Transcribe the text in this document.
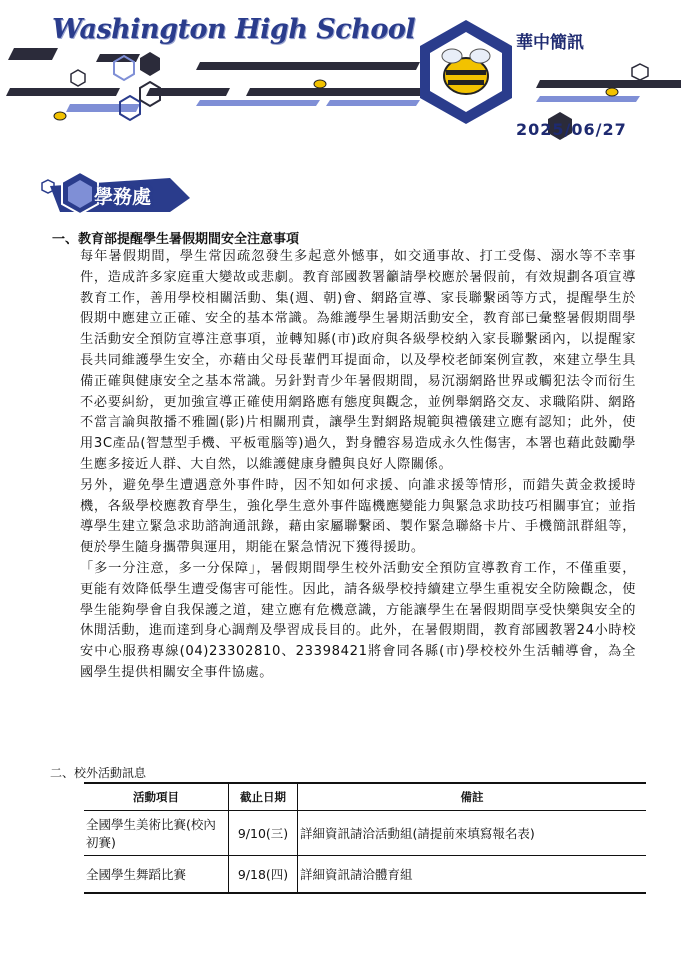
Washington High School	華中簡訊
2025/06/27
學務處
一、教育部提醒學生暑假期間安全注意事項

每年暑假期間，學生常因疏忽發生多起意外憾事，如交通事故、打工受傷、溺水等不幸事件，造成許多家庭重大變故或悲劇。教育部國教署籲請學校應於暑假前，有效規劃各項宣導教育工作，善用學校相關活動、集(週、朝)會、網路宣導、家長聯繫函等方式，提醒學生於假期中應建立正確、安全的基本常識。為維護學生暑期活動安全，教育部已彙整暑假期間學生活動安全預防宣導注意事項，並轉知縣(市)政府與各級學校納入家長聯繫函內，以提醒家長共同維護學生安全，亦藉由父母長輩們耳提面命，以及學校老師案例宣教，來建立學生具備正確與健康安全之基本常識。另針對青少年暑假期間，易沉溺網路世界或觸犯法令而衍生不必要糾紛，更加強宣導正確使用網路應有態度與觀念，並例舉網路交友、求職陷阱、網路不當言論與散播不雅圖(影)片相關刑責，讓學生對網路規範與禮儀建立應有認知；此外，使用3C產品(智慧型手機、平板電腦等)過久，對身體容易造成永久性傷害，本署也藉此鼓勵學生應多接近人群、大自然，以維護健康身體與良好人際關係。

另外，避免學生遭遇意外事件時，因不知如何求援、向誰求援等情形，而錯失黃金救援時機，各級學校應教育學生，強化學生意外事件臨機應變能力與緊急求助技巧相關事宜；並指導學生建立緊急求助諮詢通訊錄，藉由家屬聯繫函、製作緊急聯絡卡片、手機簡訊群組等，便於學生隨身攜帶與運用，期能在緊急情況下獲得援助。

「多一分注意，多一分保障」，暑假期間學生校外活動安全預防宣導教育工作，不僅重要，更能有效降低學生遭受傷害可能性。因此，請各級學校持續建立學生重視安全防險觀念，使學生能夠學會自我保護之道，建立應有危機意識，方能讓學生在暑假期間享受快樂與安全的休閒活動，進而達到身心調劑及學習成長目的。此外，在暑假期間，教育部國教署24小時校安中心服務專線(04)23302810、23398421將會同各縣(市)學校校外生活輔導會，為全國學生提供相關安全事件協處。

二、校外活動訊息
活動項目	截止日期	備註
全國學生美術比賽(校內初賽)	9/10(三)	詳細資訊請洽活動組(請提前來填寫報名表)
全國學生舞蹈比賽	9/18(四)	詳細資訊請洽體育組
